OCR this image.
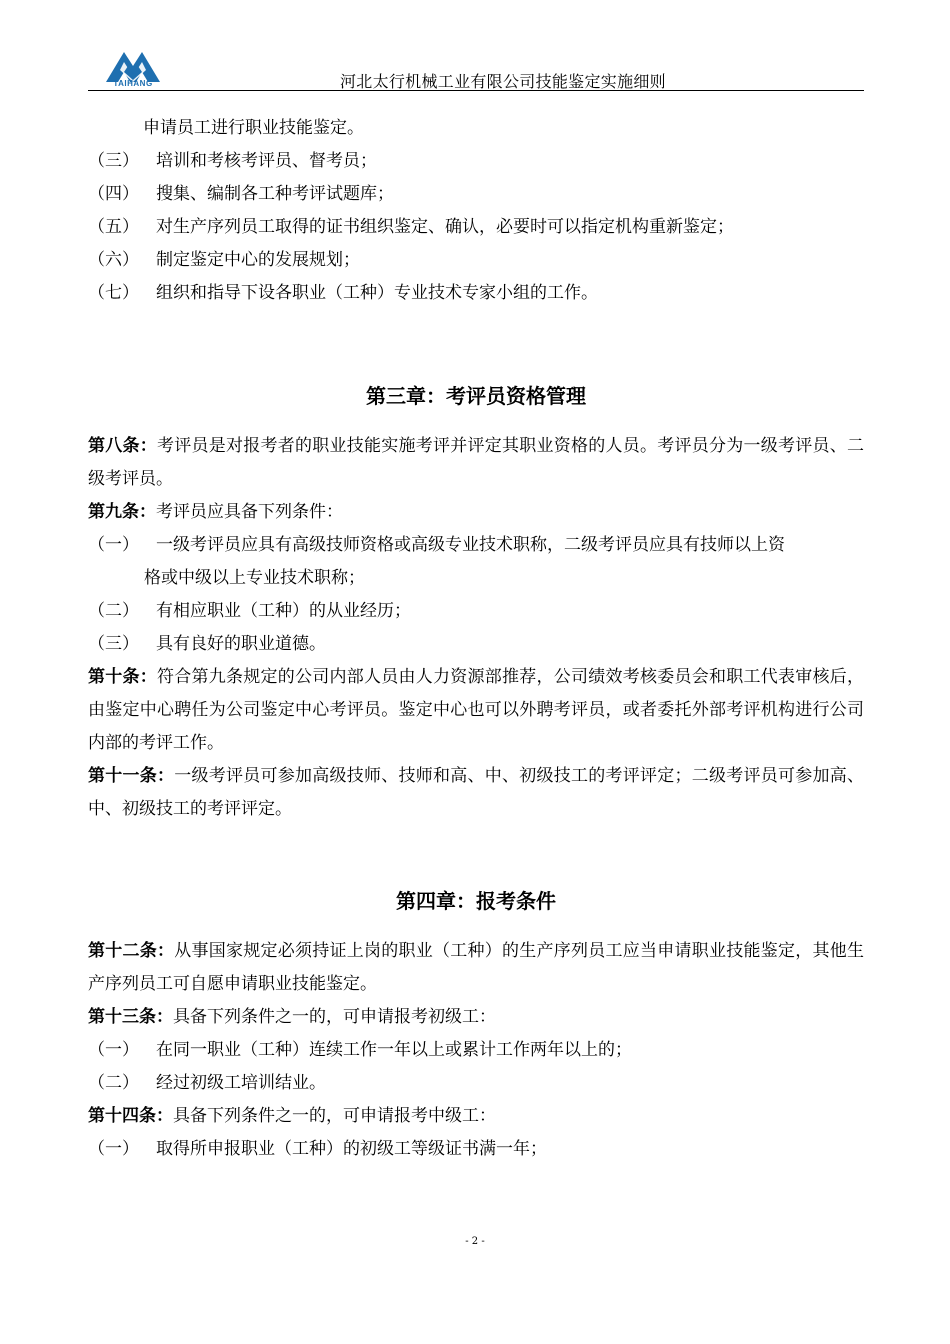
TAIHANG	河北太行机械工业有限公司技能鉴定实施细则
申请员工进行职业技能鉴定。
（三） 培训和考核考评员、督考员；
（四） 搜集、编制各工种考评试题库；
（五） 对生产序列员工取得的证书组织鉴定、确认，必要时可以指定机构重新鉴定；
（六） 制定鉴定中心的发展规划；
（七） 组织和指导下设各职业（工种）专业技术专家小组的工作。
第三章：考评员资格管理
第八条：考评员是对报考者的职业技能实施考评并评定其职业资格的人员。考评员分为一级考评员、二级考评员。
第九条：考评员应具备下列条件：
（一） 一级考评员应具有高级技师资格或高级专业技术职称，二级考评员应具有技师以上资
格或中级以上专业技术职称；
（二） 有相应职业（工种）的从业经历；
（三） 具有良好的职业道德。
第十条：符合第九条规定的公司内部人员由人力资源部推荐，公司绩效考核委员会和职工代表审核后，由鉴定中心聘任为公司鉴定中心考评员。鉴定中心也可以外聘考评员，或者委托外部考评机构进行公司内部的考评工作。
第十一条：一级考评员可参加高级技师、技师和高、中、初级技工的考评评定；二级考评员可参加高、中、初级技工的考评评定。
第四章：报考条件
第十二条：从事国家规定必须持证上岗的职业（工种）的生产序列员工应当申请职业技能鉴定，其他生产序列员工可自愿申请职业技能鉴定。
第十三条：具备下列条件之一的，可申请报考初级工：
（一） 在同一职业（工种）连续工作一年以上或累计工作两年以上的；
（二） 经过初级工培训结业。
第十四条：具备下列条件之一的，可申请报考中级工：
（一） 取得所申报职业（工种）的初级工等级证书满一年；
- 2 -
